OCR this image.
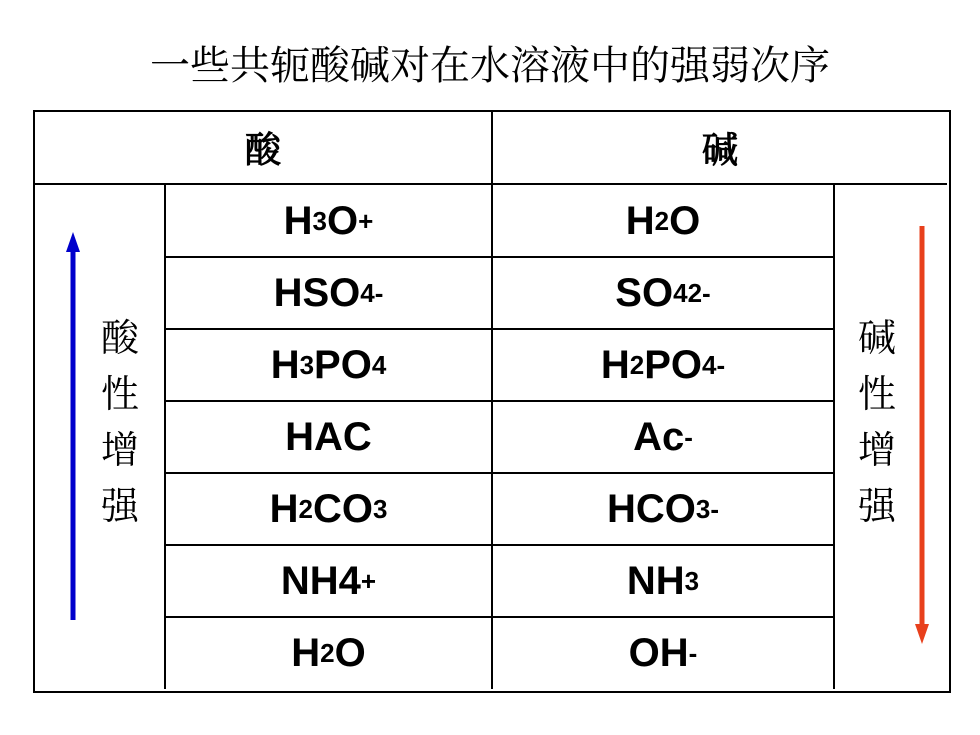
一些共轭酸碱对在水溶液中的强弱次序
酸	碱
H 3 O +	H 2 O
HSO 4 -	SO 4 2-
H 3 PO 4	H 2 PO 4 -
HAC	Ac -
H 2 CO 3	HCO 3 -
NH4 +	NH 3
H 2 O	OH -
酸性增强
碱性增强
